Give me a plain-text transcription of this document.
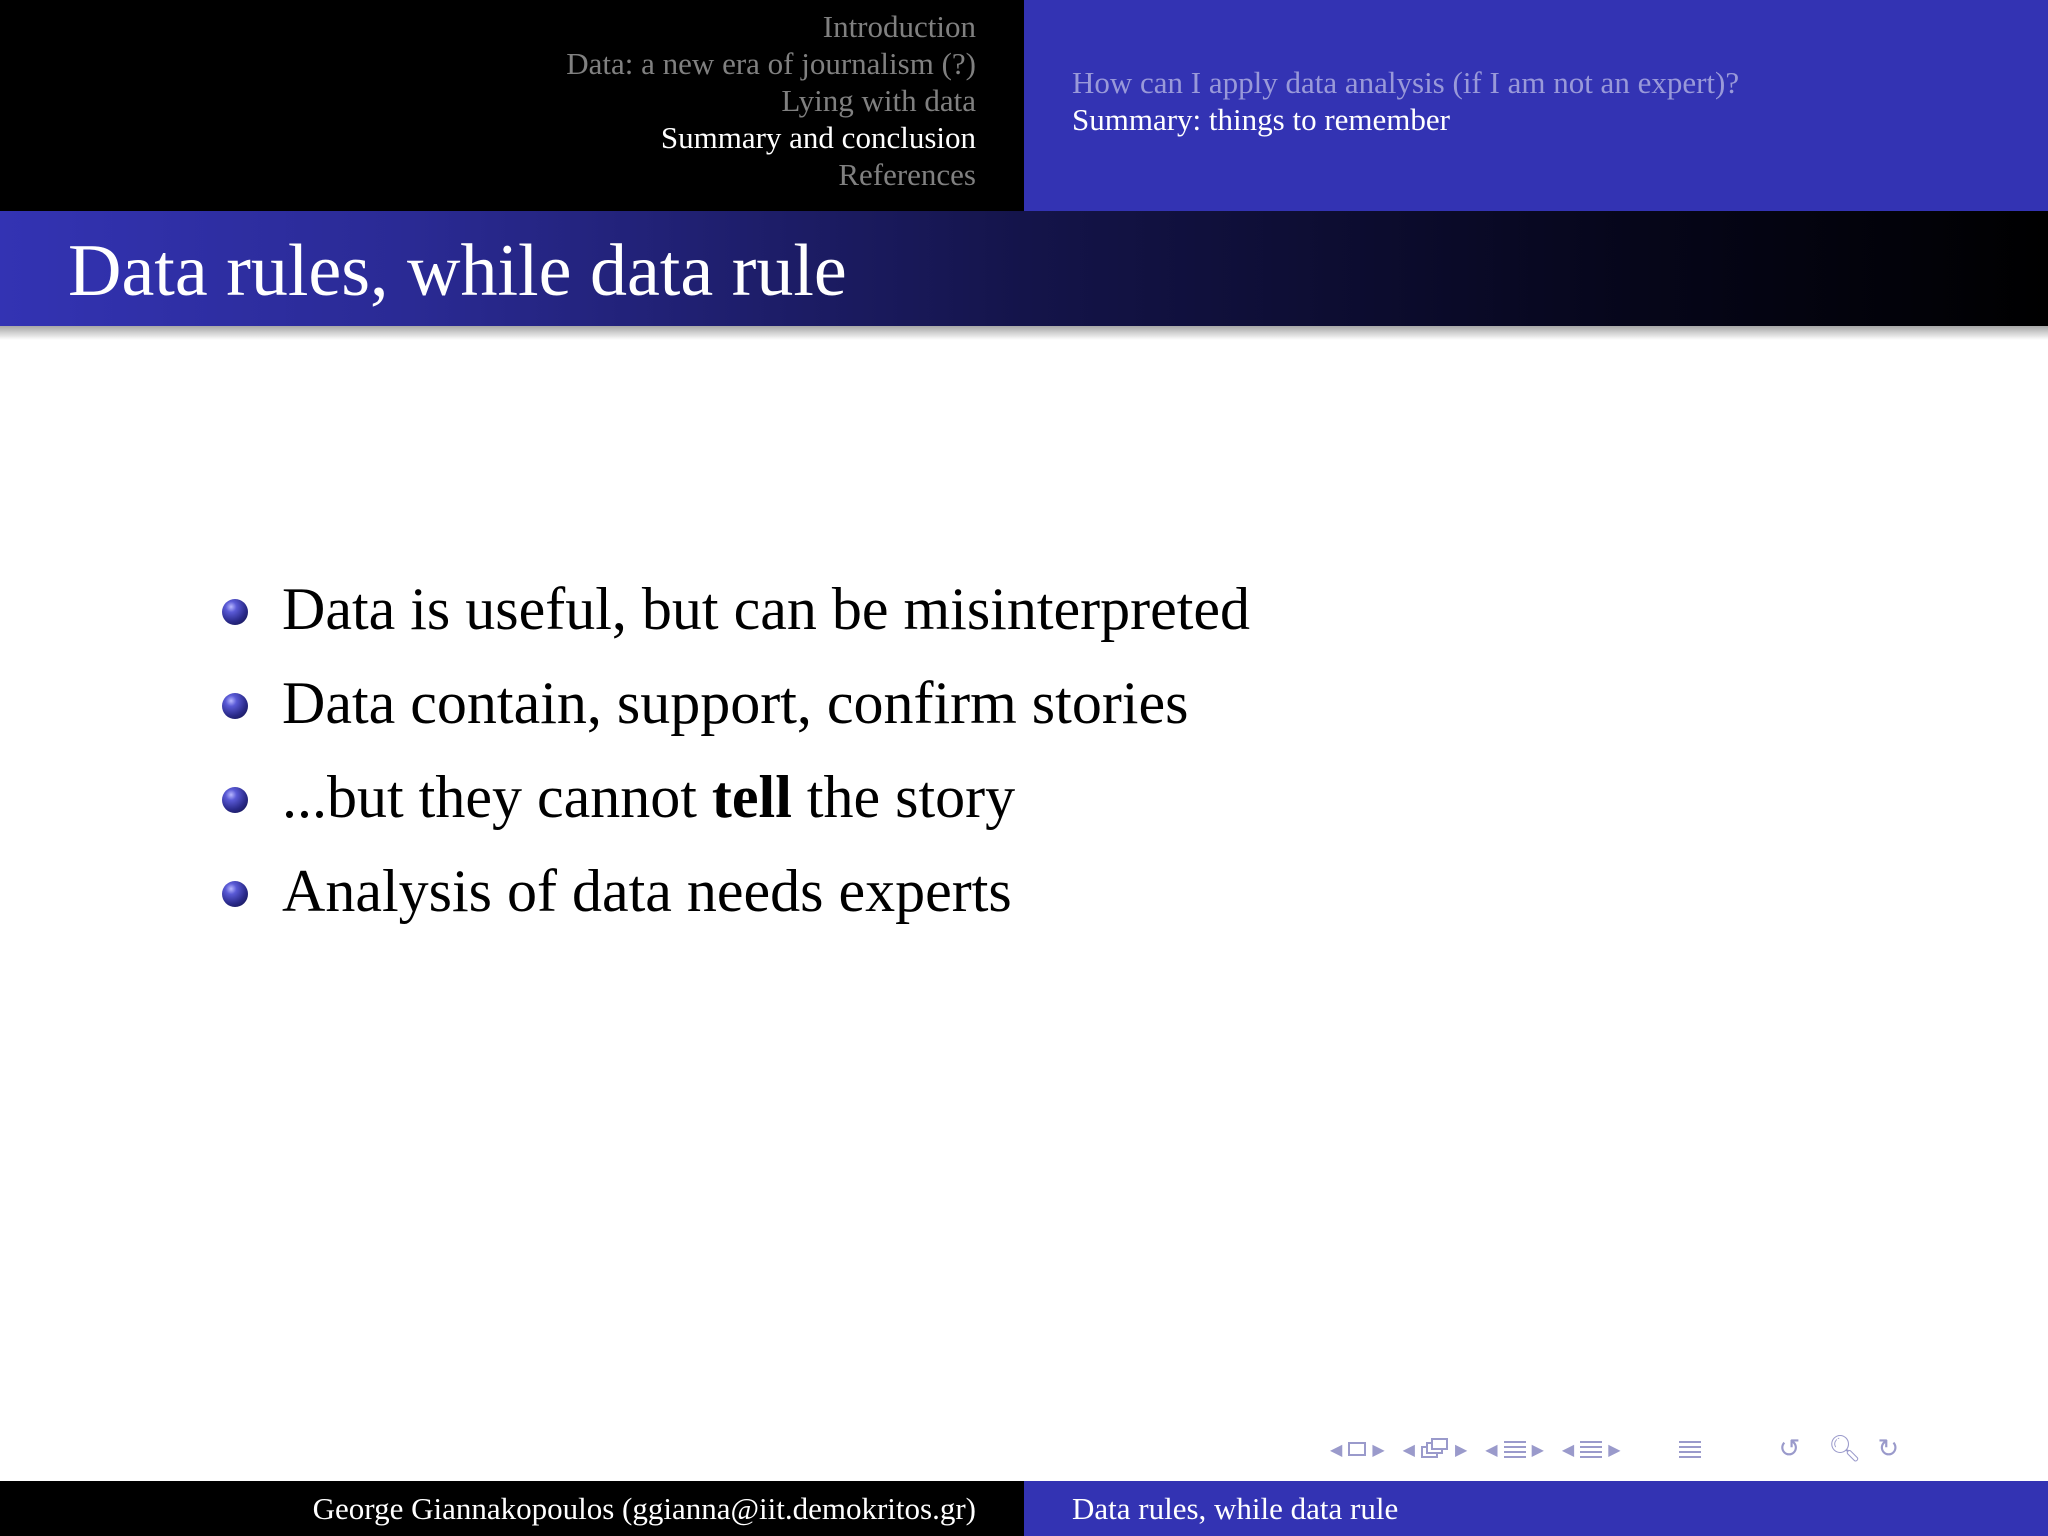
Introduction
Data: a new era of journalism (?)
Lying with data
Summary and conclusion
References
How can I apply data analysis (if I am not an expert)?
Summary: things to remember
Data rules, while data rule
Data is useful, but can be misinterpreted
Data contain, support, confirm stories
...but they cannot tell the story
Analysis of data needs experts
◀ ▶ ◀	▶ ◀ ▶ ◀ ▶	↺ 🔍︎ ↻
George Giannakopoulos (ggianna@iit.demokritos.gr)	Data rules, while data rule
